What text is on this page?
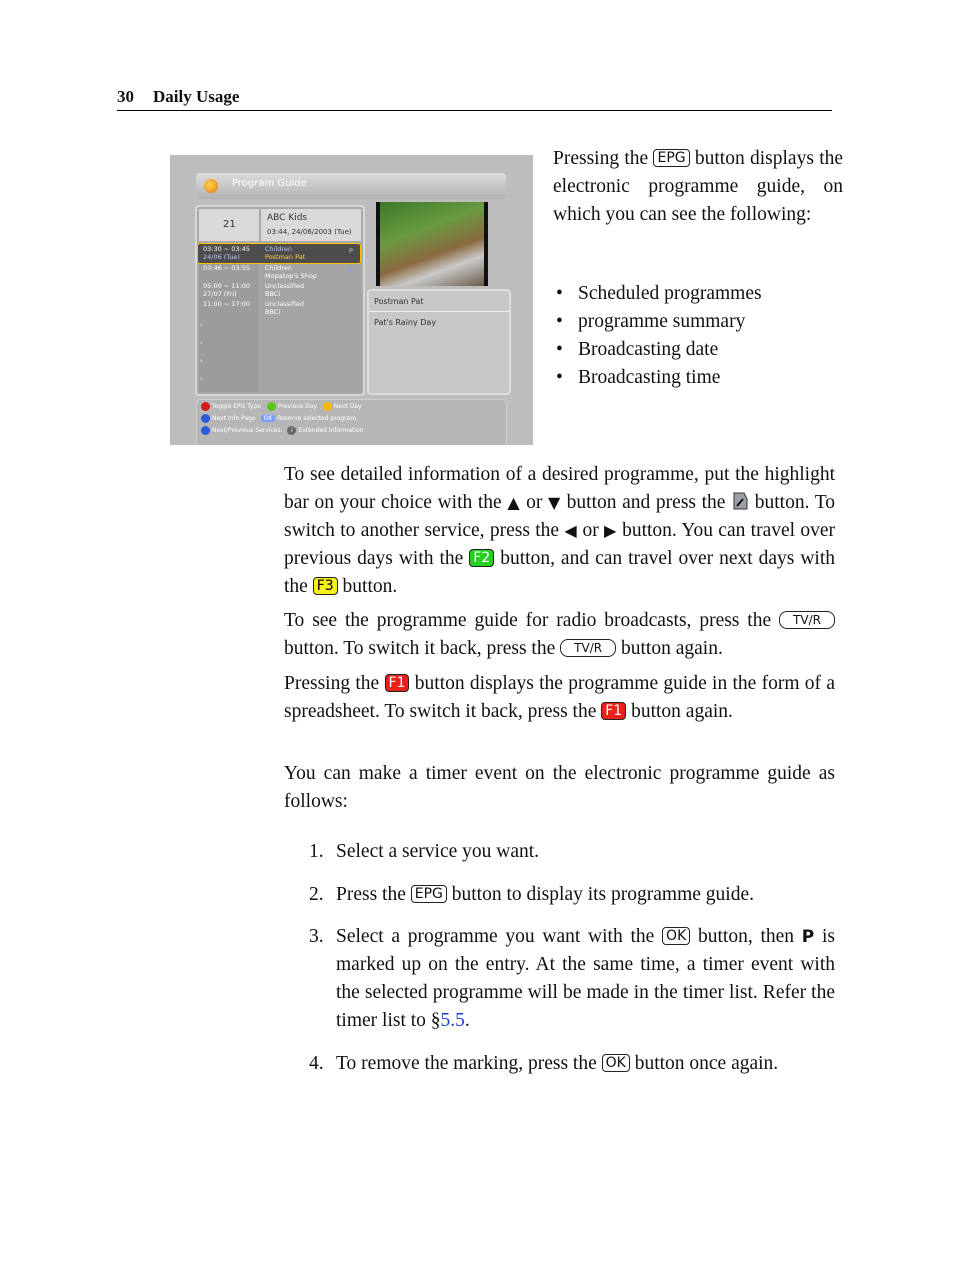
30 Daily Usage
Program Guide
21
ABC Kids
03:44, 24/06/2003 (Tue)
03:30 ~ 03:45
24/06 (Tue)
Children
Postman Pat
P
03:46 ~ 03:55 Children
Mopatop's Shop
9
05:00 ~ 11:00
27/07 (Fri)
Unclassified
BBCi
11:00 ~ 17:00 Unclassified
BBCi
›
›
›
›
Postman Pat
Pat's Rainy Day
Toggle EPG Type	Previous Day	Next Day
Next Info Page OK Reserve selected program.
Next/Previous Services. i Extended Information
Pressing the EPG button displays the electronic programme guide, on which you can see the following:
• Scheduled programmes
• programme summary
• Broadcasting date
• Broadcasting time
To see detailed information of a desired programme, put the highlight bar on your choice with the ▲ or ▼ button and press the button. To switch to another service, press the ◀ or ▶ button. You can travel over previous days with the F2 button, and can travel over next days with the F3 button.
To see the programme guide for radio broadcasts, press the TV/R button. To switch it back, press the TV/R button again.
Pressing the F1 button displays the programme guide in the form of a spreadsheet. To switch it back, press the F1 button again.
You can make a timer event on the electronic programme guide as follows:
1. Select a service you want.
2. Press the EPG button to display its programme guide.
3. Select a programme you want with the OK button, then P is marked up on the entry. At the same time, a timer event with the selected programme will be made in the timer list. Refer the timer list to §5.5.
4. To remove the marking, press the OK button once again.
